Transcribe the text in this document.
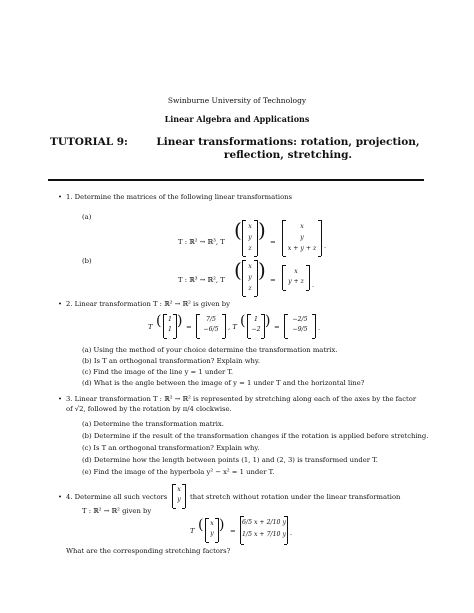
Swinburne University of Technology
Linear Algebra and Applications
TUTORIAL 9:	Linear transformations: rotation, projection, reflection, stretching.
• 1. Determine the matrices of the following linear transformations
(a)
T : ℝ² → ℝ³, T (	x
y
z
) =
x
y
x + y + z	.
(b)
T : ℝ³ → ℝ², T (	x
y
z
) =
x
y + z	.
• 2. Linear transformation T : ℝ² → ℝ² is given by
T (	1
1
) =
7/5
−6/5	, T (	1
−2
) =
−2/5
−9/5	.
(a) Using the method of your choice determine the transformation matrix.
(b) Is T an orthogonal transformation? Explain why.
(c) Find the image of the line y = 1 under T.
(d) What is the angle between the image of y = 1 under T and the horizontal line?
• 3. Linear transformation T : ℝ² → ℝ² is represented by stretching along each of the axes by the factor
of √2, followed by the rotation by π/4 clockwise.
(a) Determine the transformation matrix.
(b) Determine if the result of the transformation changes if the rotation is applied before stretching.
(c) Is T an orthogonal transformation? Explain why.
(d) Determine how the length between points (1, 1) and (2, 3) is transformed under T.
(e) Find the image of the hyperbola y² − x² = 1 under T.
• 4. Determine all such vectors
x
y	that stretch without rotation under the linear transformation
T : ℝ² → ℝ² given by
T (	x
y
) =
6/5 x + 2/10 y
1/5 x + 7/10 y .
What are the corresponding stretching factors?
